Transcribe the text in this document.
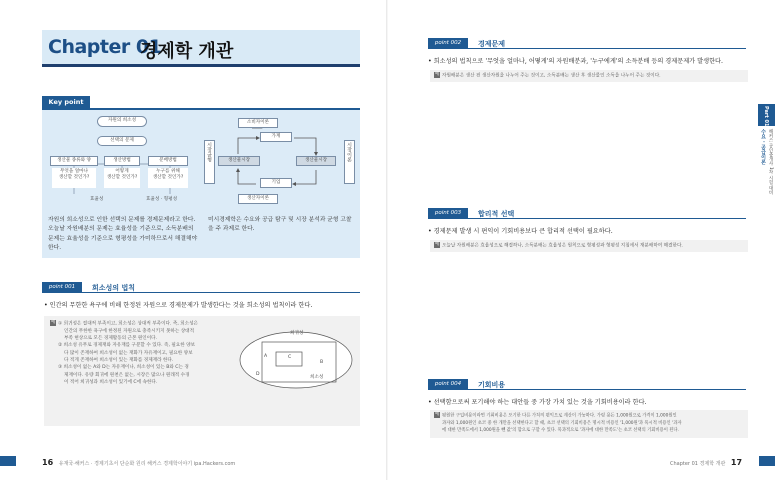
Chapter 01
경제학 개관
Key point
자원의 희소성
선택의 문제
생산물 종류와 양	생산방법	분배방법
무엇을 얼마나
생산할 것인가?
어떻게
생산할 것인가?
누구를 위해
생산할 것인가?
효율성	효율성 · 형평성
소비자이론
가계
생산물시장	생산물시장
기업
생산자이론
시장균형	시장이론
자원의 희소성으로 인한 선택의 문제를 경제문제라고 한다. 오늘날 자원배분의 문제는 효율성을 기준으로, 소득분배의 문제는 효율성을 기준으로 형평성을 가미하므로서 해결해야 한다.
미시경제학은 수요와 공급 탐구 및 시장 분석과 균형 고찰을 주 과제로 한다.
point 001	희소성의 법칙
• 인간의 무한한 욕구에 비해 한정된 자원으로 경제문제가 발생한다는 것을 희소성의 법칙이라 한다.
예 ① 희귀성은 절대적 부족이고, 희소성은 상대적 부족이다. 즉, 희소성은
인간의 무한한 욕구에 한정된 자원으로 충족시키지 못하는 상대적
부족 현상으로 모든 경제활동의 근본 원인이다.
② 희소성 유무로 경제재와 자유재를 구분할 수 있다. 즉, 필요한 양보
다 많이 존재하여 희소성이 없는 재화가 자유재이고, 필요한 양보
다 적게 존재하여 희소성이 있는 재화를 경제재라 한다.
③ 희소성이 없는 A와 D는 자유재이나, 희소성이 있는 B와 C는 경
제재이다. 유량 회귀에 원천은 없는, 시장은 많으나 원래적 수경
이 적어 희귀성과 희소성이 있기에 C에 속한다.
희귀성
희소성
A	C
B
D
16 유재국·해커스 · 경제기초서 단순화 원리 해커스 경제학이야기 ipa.Hackers.com
point 002	경제문제
• 희소성의 법칙으로 '무엇을 얼마나, 어떻게'의 자원배분과, '누구에게'의 소득분배 등의 경제문제가 발생한다.
예 자원배분은 생산 전 생산자원을 나누어 주는 것이고, 소득분배는 생산 후 생산물인 소득을 나누어 주는 것이다.
point 003	합리적 선택
• 경제문제 발생 시 편익이 기회비용보다 큰 합리적 선택이 필요하다.
예 오늘날 자원배분은 효율성으로 해결하나, 소득분배는 효율성은 원칙으로 형평성과 형평성 지침에서 재분배하여 해결한다.
point 004	기회비용
• 선택함으로써 포기해야 하는 대안들 중 가장 가치 있는 것을 기회비용이라 한다.
예 평원한 구입비용이라면 기회비용은 포기한 다른 가치의 편익으로 계산이 가능하다. 가령 용돈 1,000원으로 가격이 1,000원인
과자와 1,000원인 초코 중 한 개만을 선택한다고 할 때, 초코 선택의 기회비용은 명시적 비용인 '1,000원'과 묵시적 비용인 '과자
에 대한 만족도에서 1,000원을 뺀 값'의 합으로 구할 수 있다. 묵과적으로 '과자에 대한 만족도'는 초코 선택의 기회비용이 된다.
Chapter 01 경제학 개관 17
Part 01
수요 · 공급이론 해커스 공인중개사 1차 시험 대비
